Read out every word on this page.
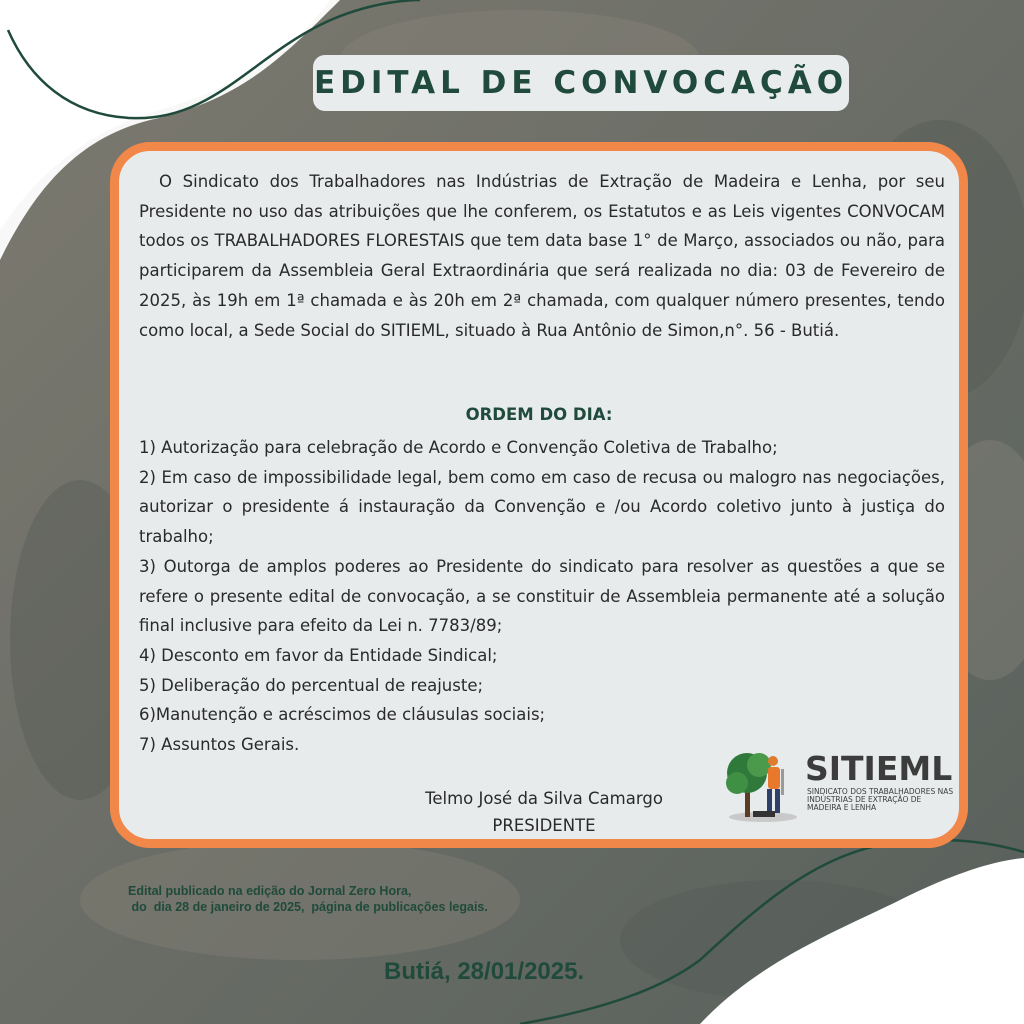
EDITAL DE CONVOCAÇÃO
O Sindicato dos Trabalhadores nas Indústrias de Extração de Madeira e Lenha, por seu Presidente no uso das atribuições que lhe conferem, os Estatutos e as Leis vigentes CONVOCAM todos os TRABALHADORES FLORESTAIS que tem data base 1° de Março, associados ou não, para participarem da Assembleia Geral Extraordinária que será realizada no dia: 03 de Fevereiro de 2025, às 19h em 1ª chamada e às 20h em 2ª chamada, com qualquer número presentes, tendo como local, a Sede Social do SITIEML, situado à Rua Antônio de Simon,n°. 56 - Butiá.
ORDEM DO DIA:

1) Autorização para celebração de Acordo e Convenção Coletiva de Trabalho;

2) Em caso de impossibilidade legal, bem como em caso de recusa ou malogro nas negociações, autorizar o presidente á instauração da Convenção e /ou Acordo coletivo junto à justiça do trabalho;

3) Outorga de amplos poderes ao Presidente do sindicato para resolver as questões a que se refere o presente edital de convocação, a se constituir de Assembleia permanente até a solução final inclusive para efeito da Lei n. 7783/89;

4) Desconto em favor da Entidade Sindical;

5) Deliberação do percentual de reajuste;

6)Manutenção e acréscimos de cláusulas sociais;

7) Assuntos Gerais.

Telmo José da Silva Camargo
PRESIDENTE
SITIEML
SINDICATO DOS TRABALHADORES NAS INDÚSTRIAS DE EXTRAÇÃO DE MADEIRA E LENHA
Edital publicado na edição do Jornal Zero Hora,
do  dia 28 de janeiro de 2025,  página de publicações legais.
Butiá, 28/01/2025.
